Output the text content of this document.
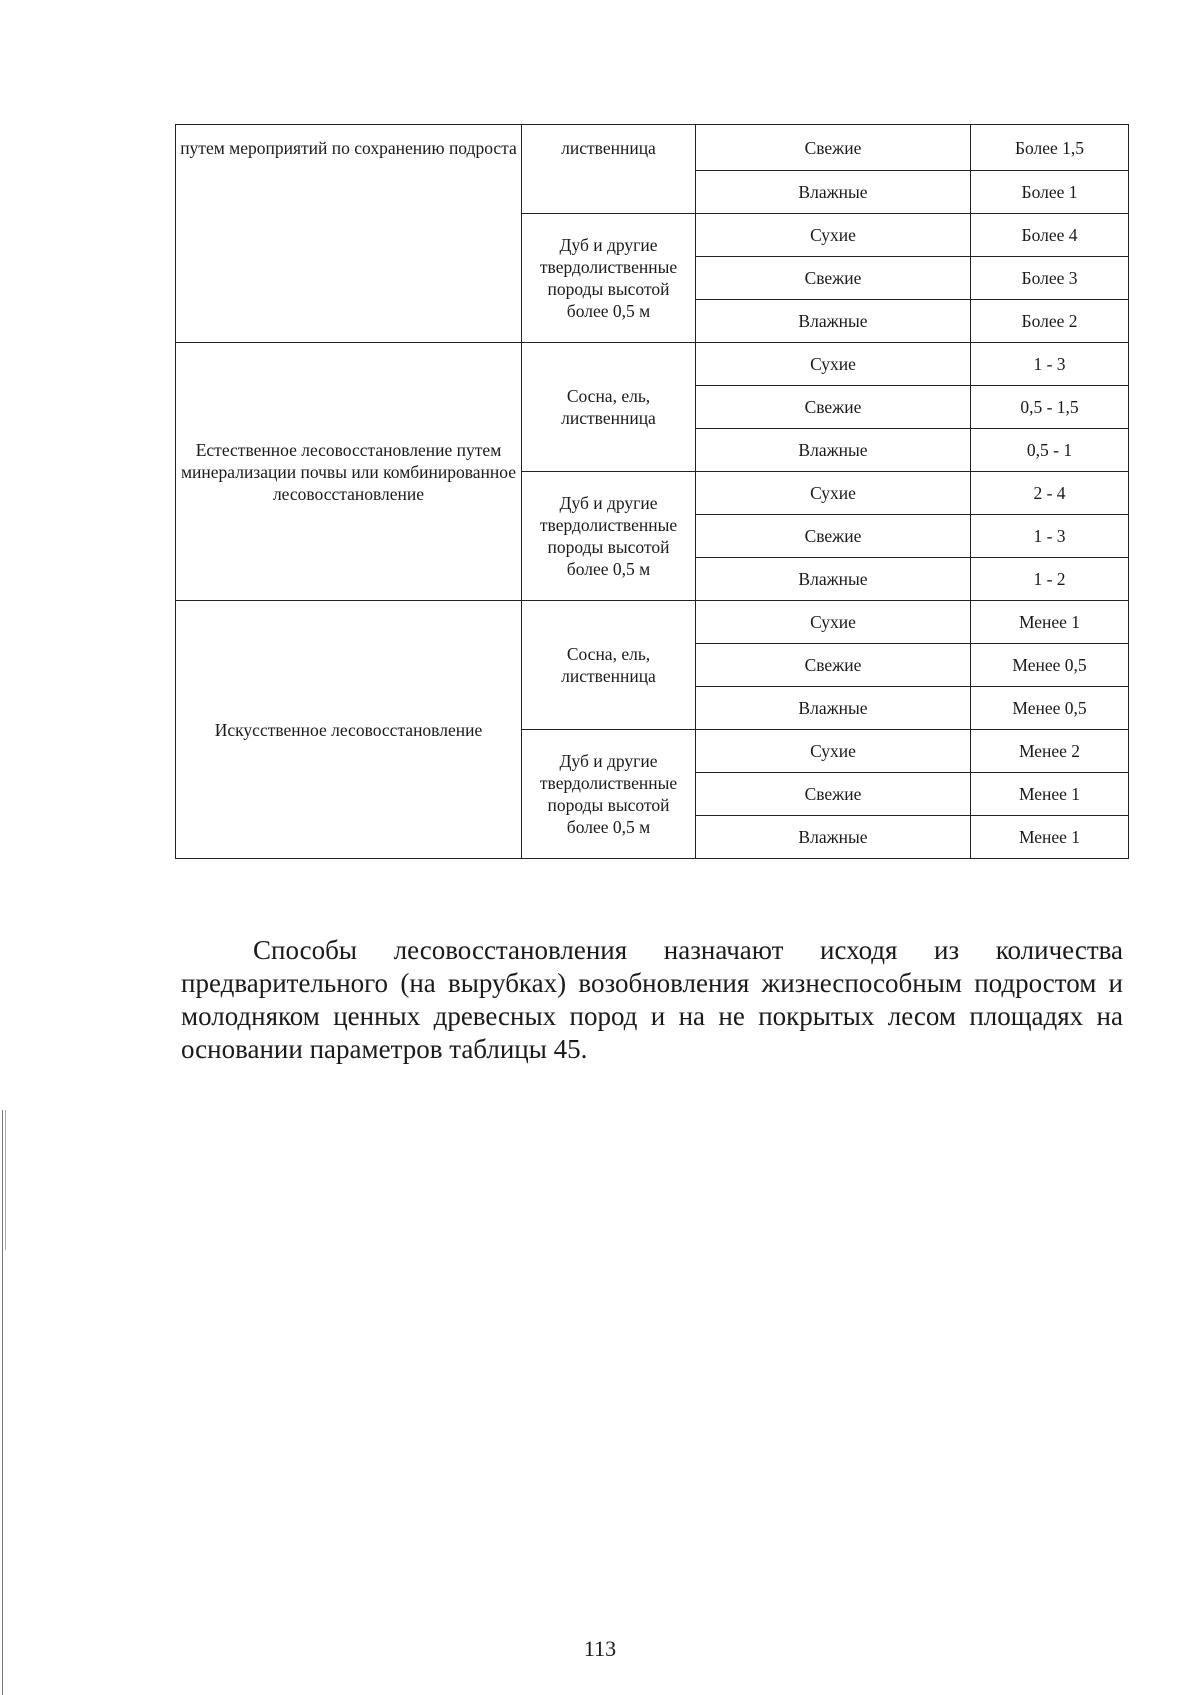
путем мероприятий по сохранению подроста	лиственница	Свежие	Более 1,5
		Влажные	Более 1
	Дуб и другие твердолиственные породы высотой более 0,5 м	Сухие	Более 4
		Свежие	Более 3
		Влажные	Более 2
Естественное лесовосстановление путем минерализации почвы или комбинированное лесовосстановление	Сосна, ель, лиственница	Сухие	1 - 3
		Свежие	0,5 - 1,5
		Влажные	0,5 - 1
	Дуб и другие твердолиственные породы высотой более 0,5 м	Сухие	2 - 4
		Свежие	1 - 3
		Влажные	1 - 2
Искусственное лесовосстановление	Сосна, ель, лиственница	Сухие	Менее 1
		Свежие	Менее 0,5
		Влажные	Менее 0,5
	Дуб и другие твердолиственные породы высотой более 0,5 м	Сухие	Менее 2
		Свежие	Менее 1
		Влажные	Менее 1

Способы лесовосстановления назначают исходя из количества предварительного (на вырубках) возобновления жизнеспособным подростом и молодняком ценных древесных пород и на не покрытых лесом площадях на основании параметров таблицы 45.

113
